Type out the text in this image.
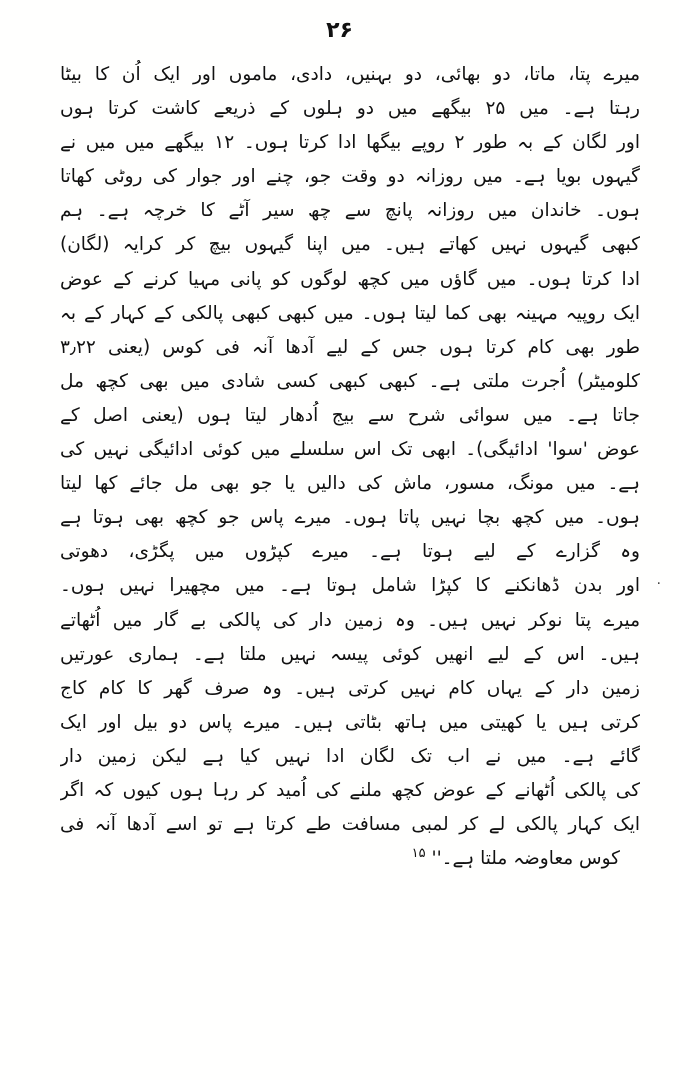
۲۶
میرے پتا، ماتا، دو بھائی، دو بہنیں، دادی، ماموں اور ایک اُن کا بیٹا
رہتا ہے۔ میں ۲۵ بیگھے میں دو ہلوں کے ذریعے کاشت کرتا ہوں
اور لگان کے بہ طور ۲ روپے بیگھا ادا کرتا ہوں۔ ۱۲ بیگھے میں میں نے
گیہوں بویا ہے۔ میں روزانہ دو وقت جو، چنے اور جوار کی روٹی کھاتا
ہوں۔ خاندان میں روزانہ پانچ سے چھ سیر آٹے کا خرچہ ہے۔ ہم
کبھی گیہوں نہیں کھاتے ہیں۔ میں اپنا گیہوں بیچ کر کرایہ (لگان)
ادا کرتا ہوں۔ میں گاؤں میں کچھ لوگوں کو پانی مہیا کرنے کے عوض
ایک روپیہ مہینہ بھی کما لیتا ہوں۔ میں کبھی کبھی پالکی کے کہار کے بہ
طور بھی کام کرتا ہوں جس کے لیے آدھا آنہ فی کوس (یعنی ۳٫۲۲
کلومیٹر) اُجرت ملتی ہے۔ کبھی کبھی کسی شادی میں بھی کچھ مل
جاتا ہے۔ میں سوائی شرح سے بیج اُدھار لیتا ہوں (یعنی اصل کے
عوض 'سوا' ادائیگی)۔ ابھی تک اس سلسلے میں کوئی ادائیگی نہیں کی
ہے۔ میں مونگ، مسور، ماش کی دالیں یا جو بھی مل جائے کھا لیتا
ہوں۔ میں کچھ بچا نہیں پاتا ہوں۔ میرے پاس جو کچھ بھی ہوتا ہے
وہ گزارے کے لیے ہوتا ہے۔ میرے کپڑوں میں پگڑی، دھوتی
اور بدن ڈھانکنے کا کپڑا شامل ہوتا ہے۔ میں مچھیرا نہیں ہوں۔
میرے پتا نوکر نہیں ہیں۔ وہ زمین دار کی پالکی بے گار میں اُٹھاتے
ہیں۔ اس کے لیے انھیں کوئی پیسہ نہیں ملتا ہے۔ ہماری عورتیں
زمین دار کے یہاں کام نہیں کرتی ہیں۔ وہ صرف گھر کا کام کاج
کرتی ہیں یا کھیتی میں ہاتھ بٹاتی ہیں۔ میرے پاس دو بیل اور ایک
گائے ہے۔ میں نے اب تک لگان ادا نہیں کیا ہے لیکن زمین دار
کی پالکی اُٹھانے کے عوض کچھ ملنے کی اُمید کر رہا ہوں کیوں کہ اگر
ایک کہار پالکی لے کر لمبی مسافت طے کرتا ہے تو اسے آدھا آنہ فی
کوس معاوضہ ملتا ہے۔'' $^{۱۵}$
۰
